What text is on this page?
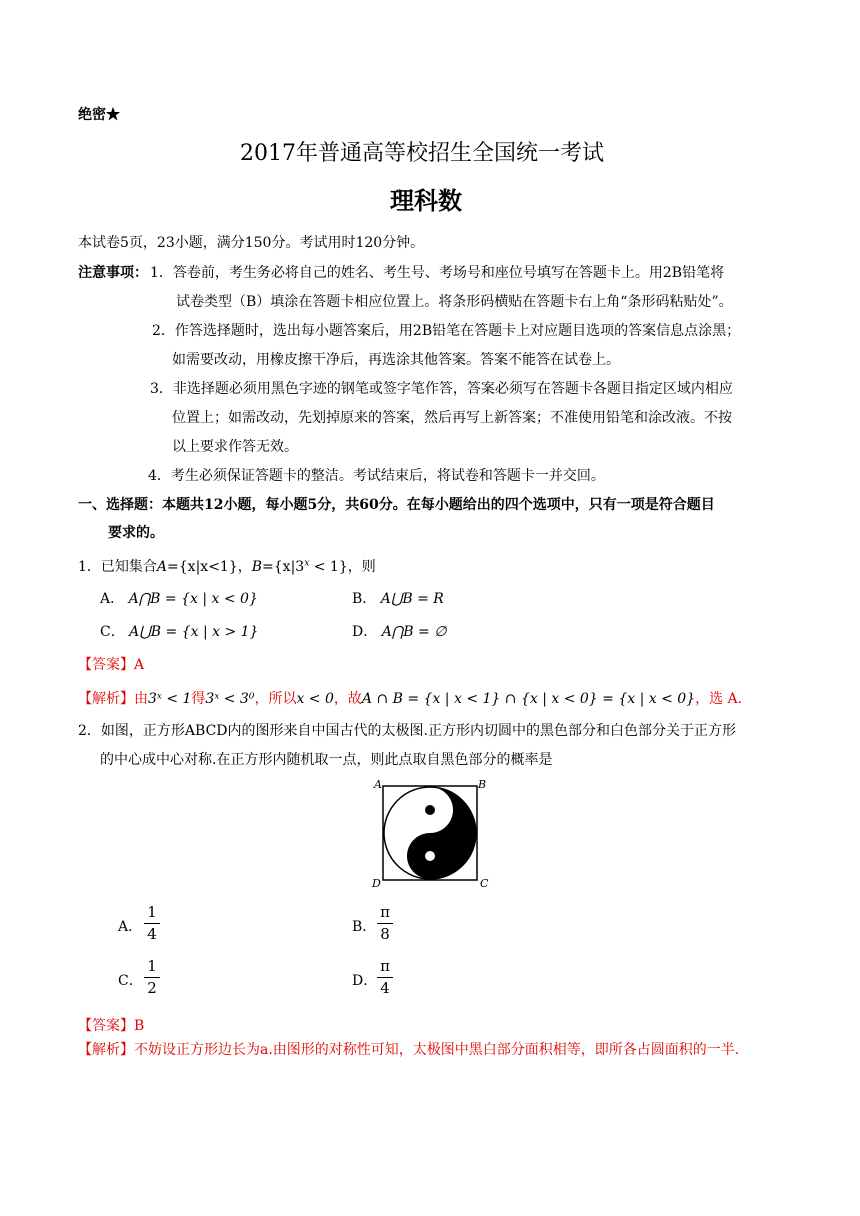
绝密★
2017年普通高等校招生全国统一考试
理科数
本试卷5页，23小题，满分150分。考试用时120分钟。
注意事项： 1．答卷前，考生务必将自己的姓名、考生号、考场号和座位号填写在答题卡上。用2B铅笔将
试卷类型（B）填涂在答题卡相应位置上。将条形码横贴在答题卡右上角“条形码粘贴处”。
2．作答选择题时，选出每小题答案后，用2B铅笔在答题卡上对应题目选项的答案信息点涂黑；
如需要改动，用橡皮擦干净后，再选涂其他答案。答案不能答在试卷上。
3．非选择题必须用黑色字迹的钢笔或签字笔作答，答案必须写在答题卡各题目指定区域内相应
位置上；如需改动，先划掉原来的答案，然后再写上新答案；不准使用铅笔和涂改液。不按
以上要求作答无效。
4．考生必须保证答题卡的整洁。考试结束后，将试卷和答题卡一并交回。
一、选择题：本题共12小题，每小题5分，共60分。在每小题给出的四个选项中，只有一项是符合题目
要求的。
1．已知集合A={x|x<1}，$B=\{x|3^x < 1\}$，则
A． A⋂B = {x | x < 0}	B． A⋃B = R
C． A⋃B = {x | x > 1}	D． A⋂B = ∅
【答案】A
【解析】由3ˣ < 1得3ˣ < 3⁰，所以x < 0，故A ∩ B = {x | x < 1} ∩ {x | x < 0} = {x | x < 0}，选 A.
2．如图，正方形ABCD内的图形来自中国古代的太极图.正方形内切圆中的黑色部分和白色部分关于正方形
的中心成中心对称.在正方形内随机取一点，则此点取自黑色部分的概率是
A	B
D	C
A．
1
4	B．
π
8
C．
1
2	D．
π
4
【答案】B
【解析】不妨设正方形边长为a.由图形的对称性可知，太极图中黑白部分面积相等，即所各占圆面积的一半.
